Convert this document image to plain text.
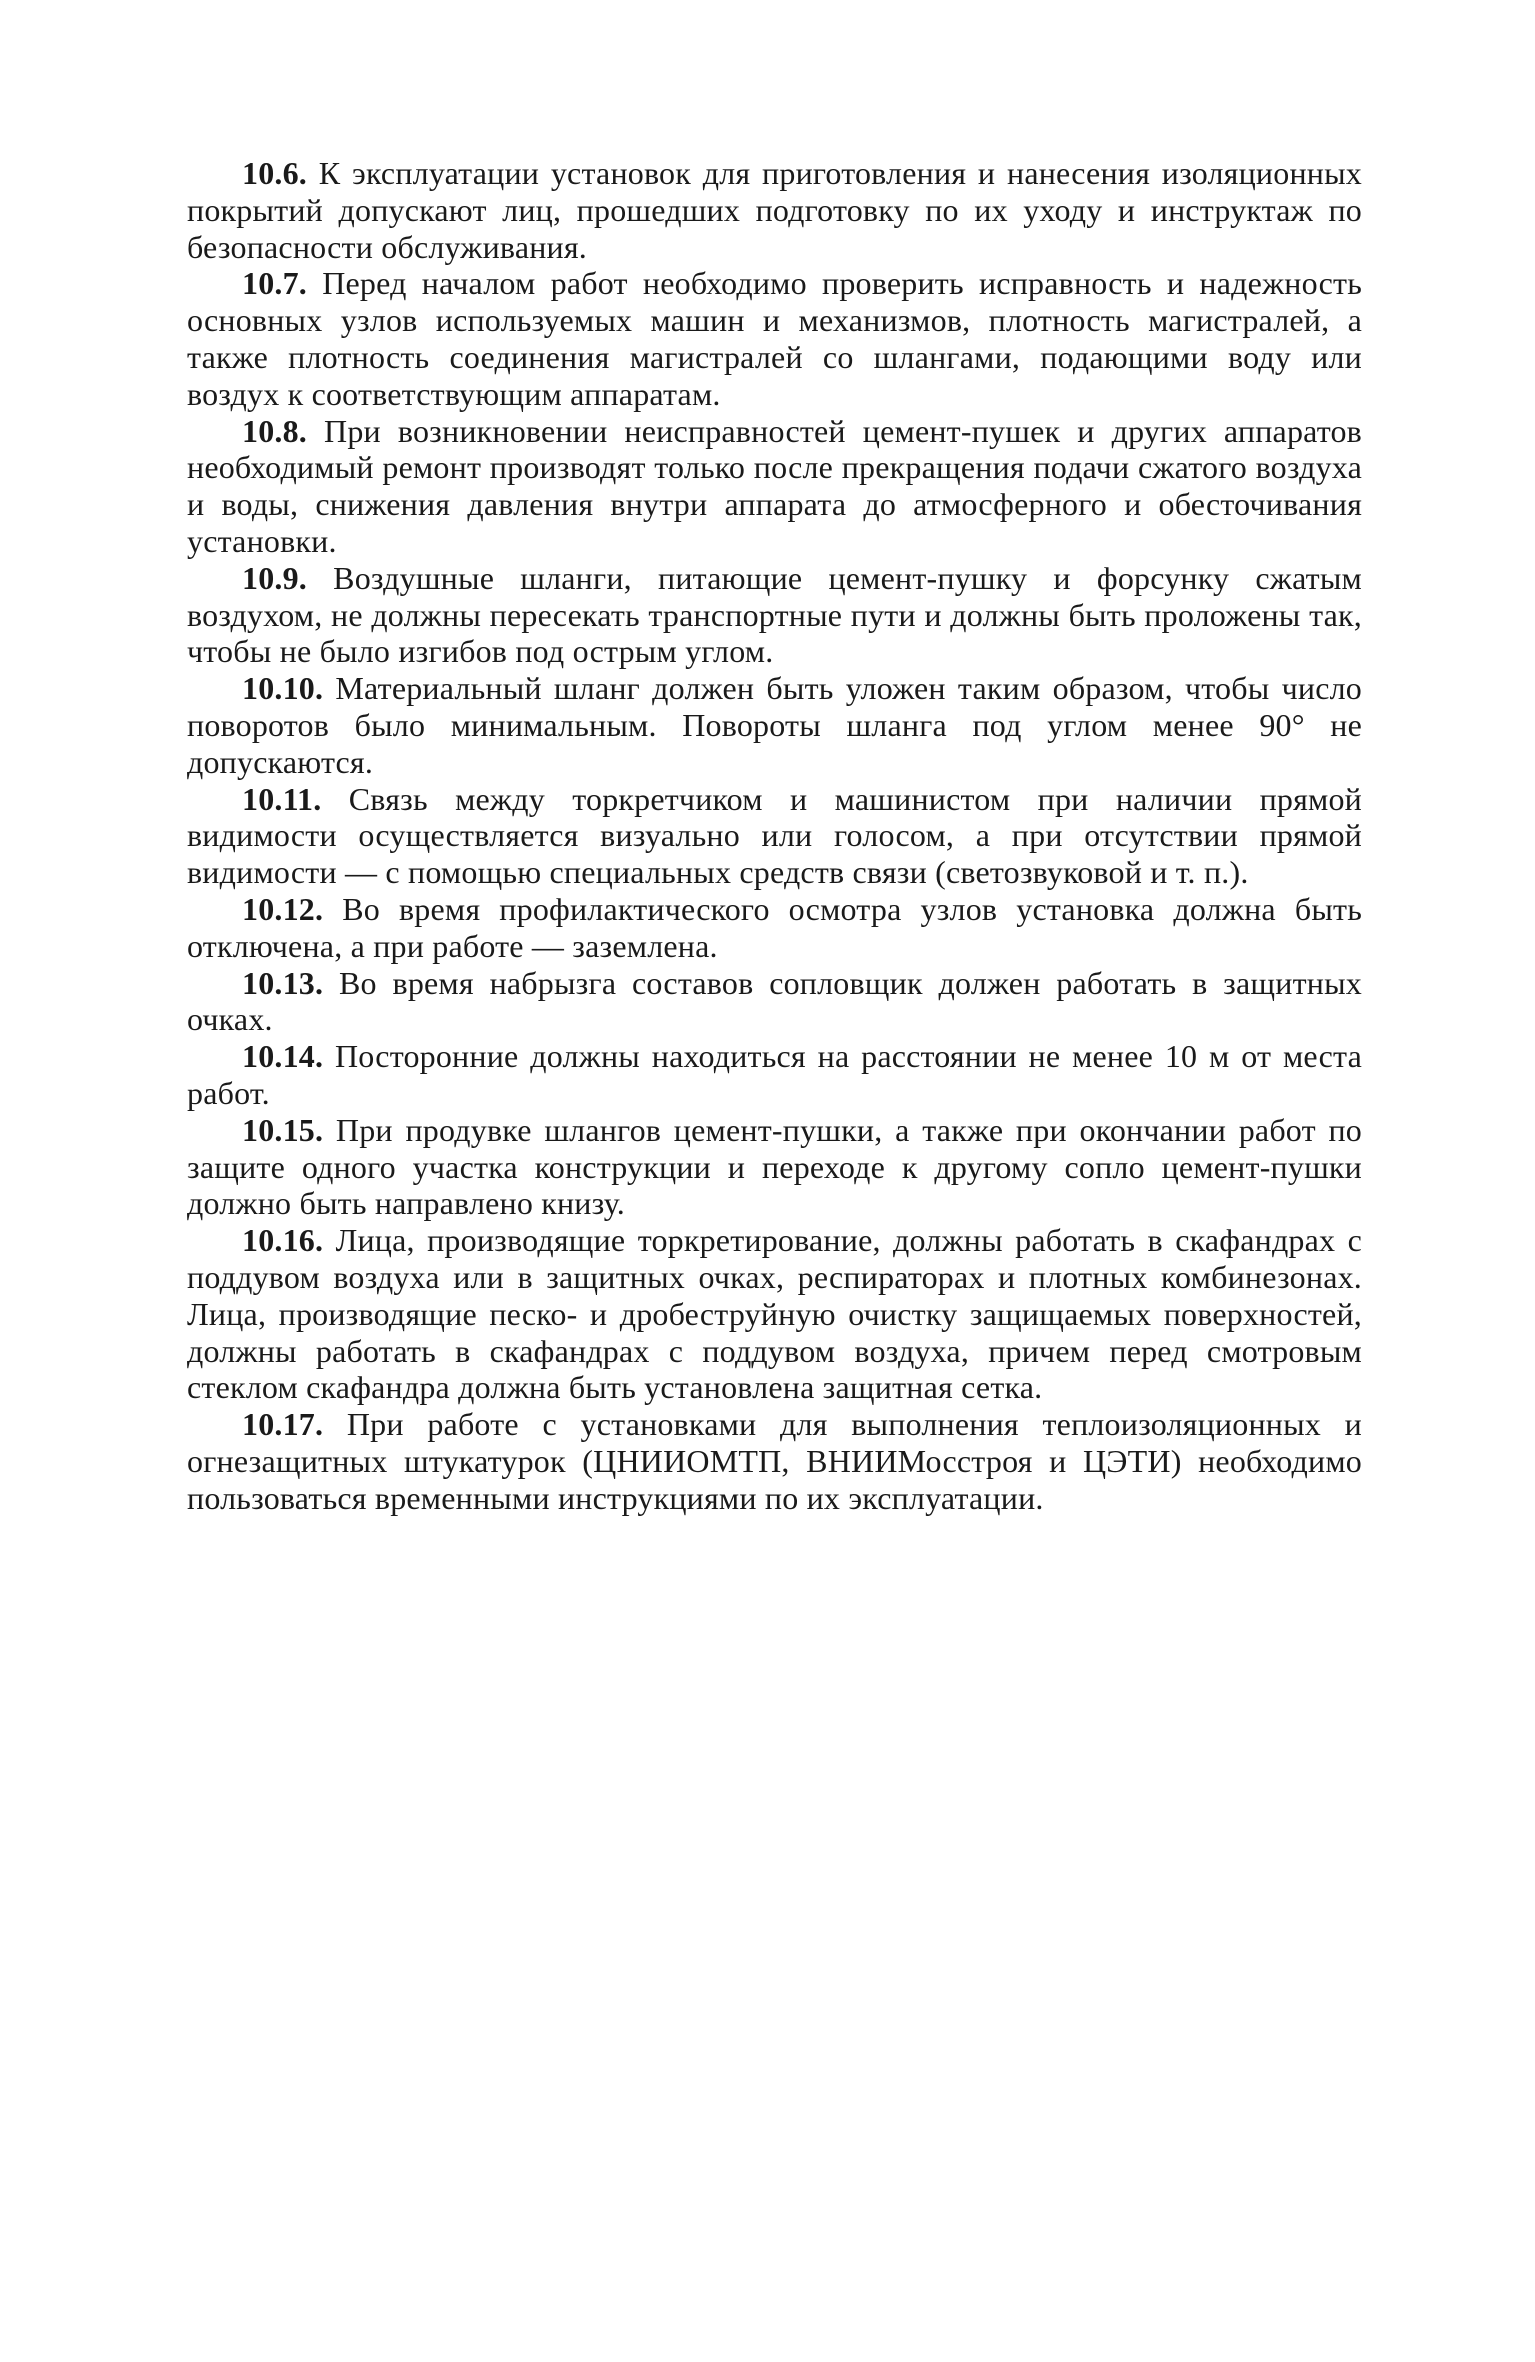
10.6. К эксплуатации установок для приготовления и нанесения изоляционных покрытий допускают лиц, прошедших подготовку по их уходу и инструктаж по безопасности обслуживания.

10.7. Перед началом работ необходимо проверить исправность и надежность основных узлов используемых машин и механизмов, плотность магистралей, а также плотность соединения магистралей со шлангами, подающими воду или воздух к соответствующим аппаратам.

10.8. При возникновении неисправностей цемент-пушек и других аппаратов необходимый ремонт производят только после прекращения подачи сжатого воздуха и воды, снижения давления внутри аппарата до атмосферного и обесточивания установки.

10.9. Воздушные шланги, питающие цемент-пушку и форсунку сжатым воздухом, не должны пересекать транспортные пути и должны быть проложены так, чтобы не было изгибов под острым углом.

10.10. Материальный шланг должен быть уложен таким образом, чтобы число поворотов было минимальным. Повороты шланга под углом менее 90° не допускаются.

10.11. Связь между торкретчиком и машинистом при наличии прямой видимости осуществляется визуально или голосом, а при отсутствии прямой видимости — с помощью специальных средств связи (светозвуковой и т. п.).

10.12. Во время профилактического осмотра узлов установка должна быть отключена, а при работе — заземлена.

10.13. Во время набрызга составов сопловщик должен работать в защитных очках.

10.14. Посторонние должны находиться на расстоянии не менее 10 м от места работ.

10.15. При продувке шлангов цемент-пушки, а также при окончании работ по защите одного участка конструкции и переходе к другому сопло цемент-пушки должно быть направлено книзу.

10.16. Лица, производящие торкретирование, должны работать в скафандрах с поддувом воздуха или в защитных очках, респираторах и плотных комбинезонах. Лица, производящие песко- и дробеструйную очистку защищаемых поверхностей, должны работать в скафандрах с поддувом воздуха, причем перед смотровым стеклом скафандра должна быть установлена защитная сетка.

10.17. При работе с установками для выполнения теплоизоляционных и огнезащитных штукатурок (ЦНИИОМТП, ВНИИМосстроя и ЦЭТИ) необходимо пользоваться временными инструкциями по их эксплуатации.
